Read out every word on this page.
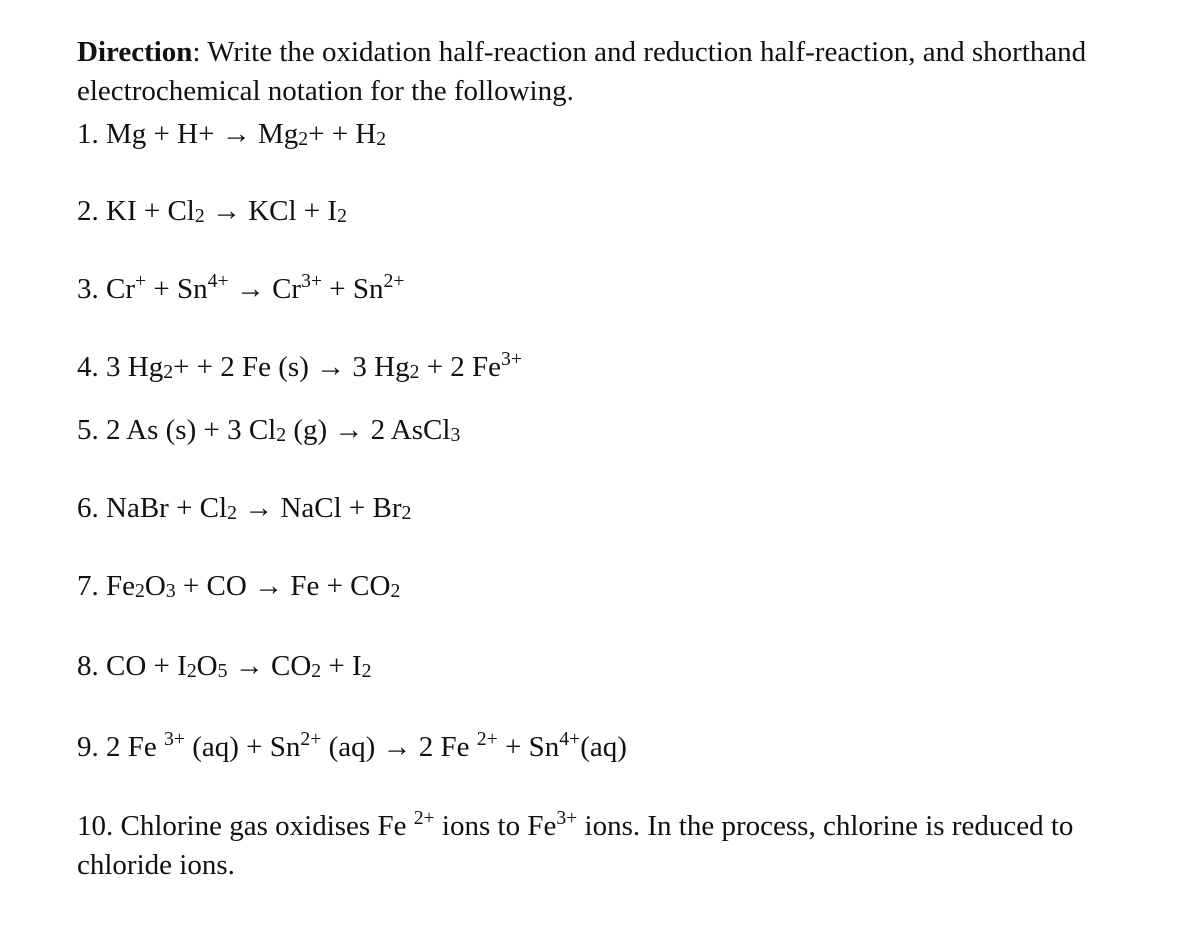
Direction: Write the oxidation half-reaction and reduction half-reaction, and shorthand
electrochemical notation for the following.
1. Mg + H+ → Mg2+ + H2
2. KI + Cl2 → KCl + I2
3. $Cr^+ + Sn^{4+} \to Cr^{3+} + Sn^{2+}$
4. 3 Hg2+ + 2 Fe (s) → 3 Hg2 + 2 $Fe^{3+}$
5. 2 As (s) + 3 Cl2 (g) → 2 AsCl3
6. NaBr + Cl2 → NaCl + Br2
7. Fe2O3 + CO → Fe + CO2
8. CO + I2O5 → CO2 + I2
9. 2 Fe $^{3+}$ $(aq) + Sn^{2+}$ (aq) → 2 Fe $^{2+} + Sn^{4+}(aq)$
10. Chlorine gas oxidises Fe $^{2+}$ ions to $Fe^{3+}$ ions. In the process, chlorine is reduced to
chloride ions.
